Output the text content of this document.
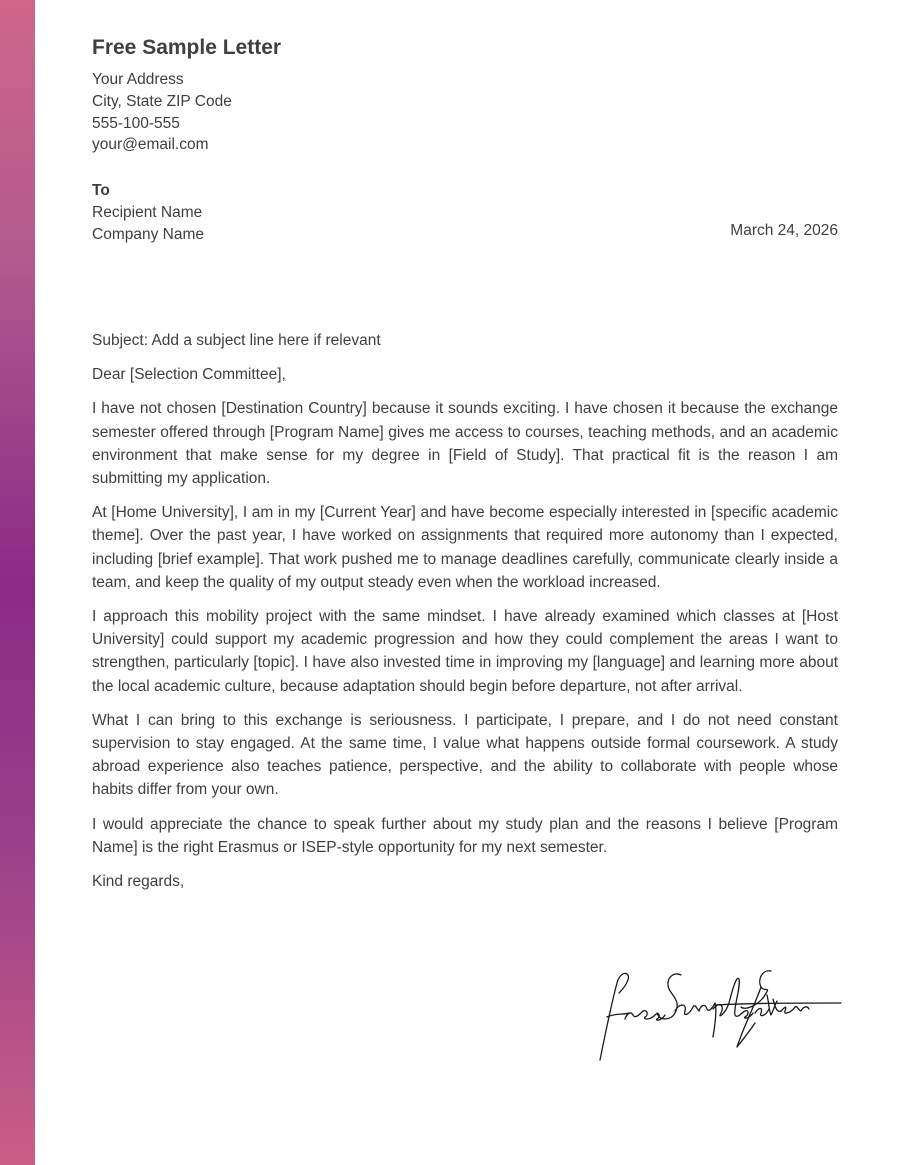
Free Sample Letter
Your Address
City, State ZIP Code
555-100-555
your@email.com
To
Recipient Name
Company Name	March 24, 2026
Subject: Add a subject line here if relevant
Dear [Selection Committee],

I have not chosen [Destination Country] because it sounds exciting. I have chosen it because the exchange semester offered through [Program Name] gives me access to courses, teaching methods, and an academic environment that make sense for my degree in [Field of Study]. That practical fit is the reason I am submitting my application.

At [Home University], I am in my [Current Year] and have become especially interested in [specific academic theme]. Over the past year, I have worked on assignments that required more autonomy than I expected, including [brief example]. That work pushed me to manage deadlines carefully, communicate clearly inside a team, and keep the quality of my output steady even when the workload increased.

I approach this mobility project with the same mindset. I have already examined which classes at [Host University] could support my academic progression and how they could complement the areas I want to strengthen, particularly [topic]. I have also invested time in improving my [language] and learning more about the local academic culture, because adaptation should begin before departure, not after arrival.

What I can bring to this exchange is seriousness. I participate, I prepare, and I do not need constant supervision to stay engaged. At the same time, I value what happens outside formal coursework. A study abroad experience also teaches patience, perspective, and the ability to collaborate with people whose habits differ from your own.

I would appreciate the chance to speak further about my study plan and the reasons I believe [Program Name] is the right Erasmus or ISEP-style opportunity for my next semester.

Kind regards,
